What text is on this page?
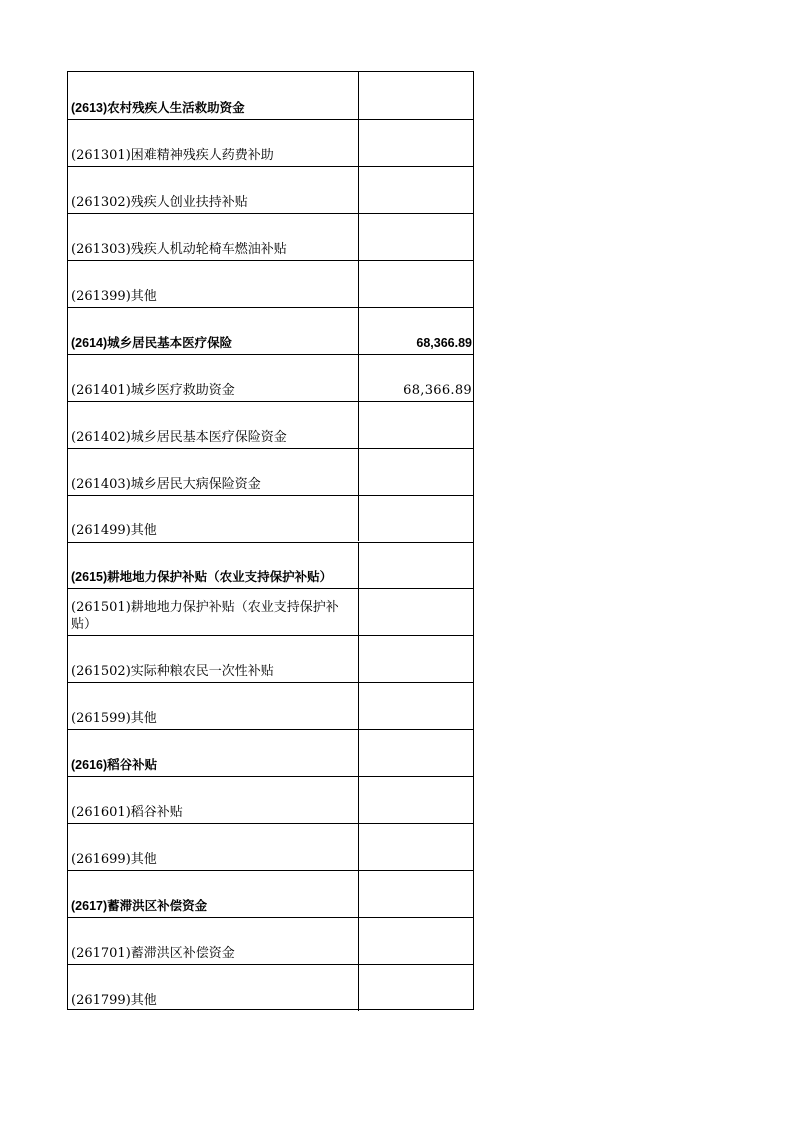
(2613)农村残疾人生活救助资金
(261301)困难精神残疾人药费补助
(261302)残疾人创业扶持补贴
(261303)残疾人机动轮椅车燃油补贴
(261399)其他
(2614)城乡居民基本医疗保险	68,366.89
(261401)城乡医疗救助资金	68,366.89
(261402)城乡居民基本医疗保险资金
(261403)城乡居民大病保险资金
(261499)其他
(2615)耕地地力保护补贴（农业支持保护补贴）
(261501)耕地地力保护补贴（农业支持保护补贴）
(261502)实际种粮农民一次性补贴
(261599)其他
(2616)稻谷补贴
(261601)稻谷补贴
(261699)其他
(2617)蓄滞洪区补偿资金
(261701)蓄滞洪区补偿资金
(261799)其他
